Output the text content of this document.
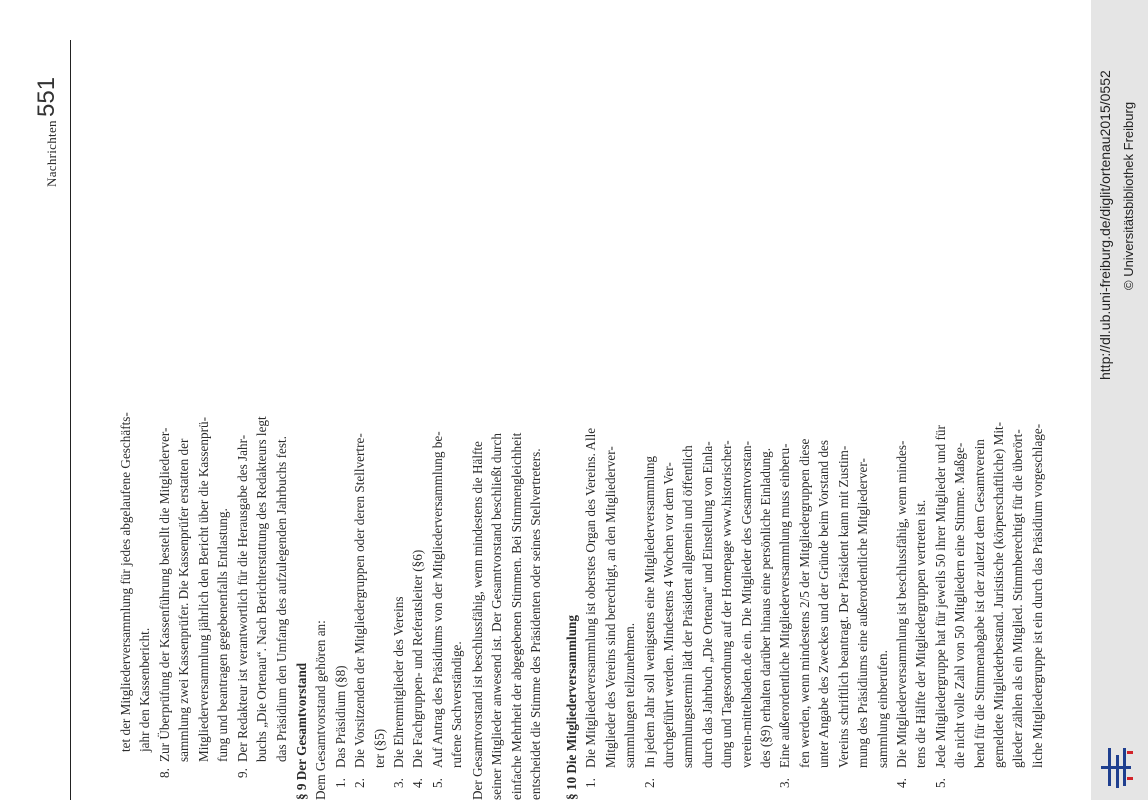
Nachrichten
551
tet der Mitgliederversammlung für jedes abgelaufene Geschäfts- jahr den Kassenbericht.
8.
Zur Überprüfung der Kassenführung bestellt die Mitgliederver- sammlung zwei Kassenprüfer. Die Kassenprüfer erstatten der Mitgliederversammlung jährlich den Bericht über die Kassenprü- fung und beantragen gegebenenfalls Entlastung.
9.
Der Redakteur ist verantwortlich für die Herausgabe des Jahr- buchs „Die Ortenau“. Nach Berichterstattung des Redakteurs legt das Präsidium den Umfang des aufzulegenden Jahrbuchs fest. § 9 Der Gesamtvorstand Dem Gesamtvorstand gehören an: 1.
Das Präsidium (§8)
2.
Die Vorsitzenden der Mitgliedergruppen oder deren Stellvertre- ter (§5)
3.
Die Ehrenmitglieder des Vereins
4.
Die Fachgruppen- und Referatsleiter (§6)
5.
Auf Antrag des Präsidiums von der Mitgliederversammlung be- rufene Sachverständige. Der Gesamtvorstand ist beschlussfähig, wenn mindestens die Hälfte seiner Mitglieder anwesend ist. Der Gesamtvorstand beschließt durch einfache Mehrheit der abgegebenen Stimmen. Bei Stimmengleichheit entscheidet die Stimme des Präsidenten oder seines Stellvertreters. § 10 Die Mitgliederversammlung 1.
Die Mitgliederversammlung ist oberstes Organ des Vereins. Alle Mitglieder des Vereins sind berechtigt, an den Mitgliederver- sammlungen teilzunehmen.
2.
In jedem Jahr soll wenigstens eine Mitgliederversammlung durchgeführt werden. Mindestens 4 Wochen vor dem Ver- sammlungstermin lädt der Präsident allgemein und öffentlich durch das Jahrbuch „Die Ortenau“ und Einstellung von Einla- dung und Tagesordnung auf der Homepage www.historischer- verein-mittelbaden.de ein. Die Mitglieder des Gesamtvorstan- des (§9) erhalten darüber hinaus eine persönliche Einladung.
3.
Eine außerordentliche Mitgliederversammlung muss einberu- fen werden, wenn mindestens 2/5 der Mitgliedergruppen diese unter Angabe des Zweckes und der Gründe beim Vorstand des Vereins schriftlich beantragt. Der Präsident kann mit Zustim- mung des Präsidiums eine außerordentliche Mitgliederver- sammlung einberufen.
4.
Die Mitgliederversammlung ist beschlussfähig, wenn mindes- tens die Hälfte der Mitgliedergruppen vertreten ist.
5.
Jede Mitgliedergruppe hat für jeweils 50 ihrer Mitglieder und für die nicht volle Zahl von 50 Mitgliedern eine Stimme. Maßge- bend für die Stimmenabgabe ist der zuletzt dem Gesamtverein gemeldete Mitgliederbestand. Juristische (körperschaftliche) Mit- glieder zählen als ein Mitglied. Stimmberechtigt für die überört- liche Mitgliedergruppe ist ein durch das Präsidium vorgeschlage-
http://dl.ub.uni-freiburg.de/diglit/ortenau2015/0552 © Universitätsbibliothek Freiburg
